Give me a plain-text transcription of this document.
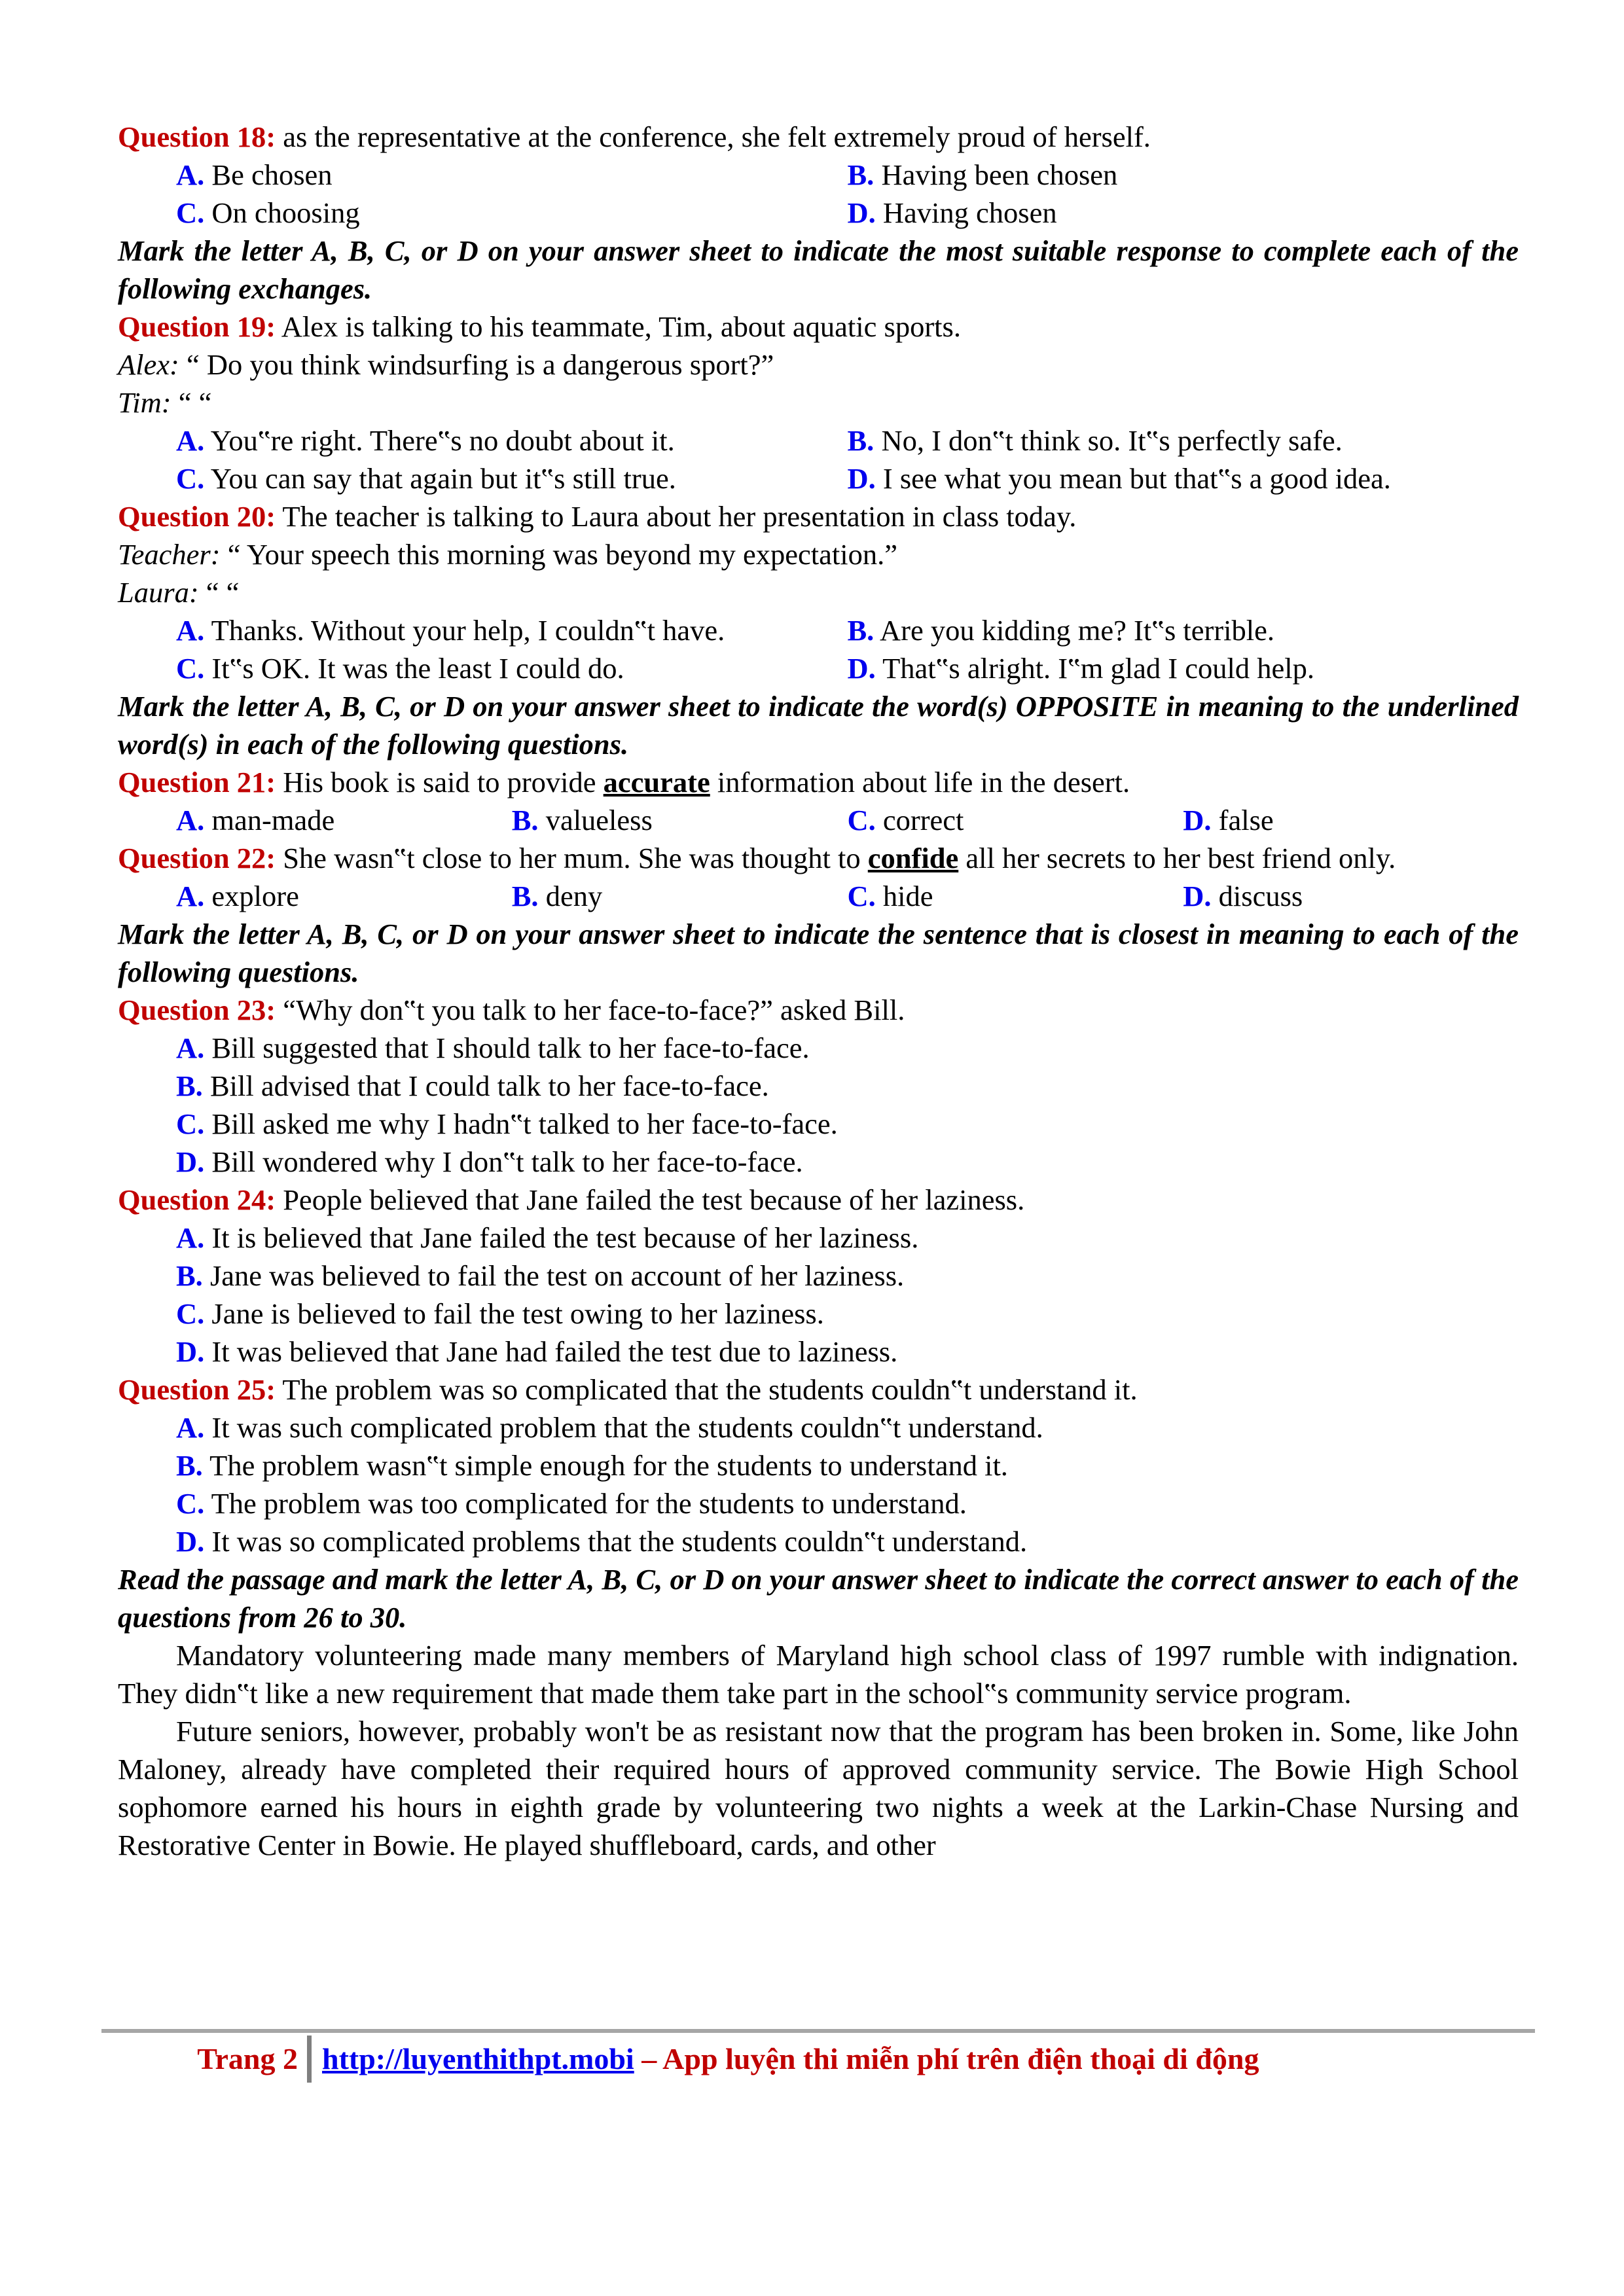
Question 18: as the representative at the conference, she felt extremely proud of herself.
A. Be chosen	B. Having been chosen
C. On choosing	D. Having chosen
Mark the letter A, B, C, or D on your answer sheet to indicate the most suitable response to complete each of the following exchanges.
Question 19: Alex is talking to his teammate, Tim, about aquatic sports.
Alex: “ Do you think windsurfing is a dangerous sport?”
Tim: “ “
A. You‟re right. There‟s no doubt about it.	B. No, I don‟t think so. It‟s perfectly safe.
C. You can say that again but it‟s still true.	D. I see what you mean but that‟s a good idea.
Question 20: The teacher is talking to Laura about her presentation in class today.
Teacher: “ Your speech this morning was beyond my expectation.”
Laura: “ “
A. Thanks. Without your help, I couldn‟t have.	B. Are you kidding me? It‟s terrible.
C. It‟s OK. It was the least I could do.	D. That‟s alright. I‟m glad I could help.
Mark the letter A, B, C, or D on your answer sheet to indicate the word(s) OPPOSITE in meaning to the underlined word(s) in each of the following questions.
Question 21: His book is said to provide accurate information about life in the desert.
A. man-made	B. valueless	C. correct	D. false
Question 22: She wasn‟t close to her mum. She was thought to confide all her secrets to her best friend only.
A. explore	B. deny	C. hide	D. discuss
Mark the letter A, B, C, or D on your answer sheet to indicate the sentence that is closest in meaning to each of the following questions.
Question 23: “Why don‟t you talk to her face-to-face?” asked Bill.
A. Bill suggested that I should talk to her face-to-face.
B. Bill advised that I could talk to her face-to-face.
C. Bill asked me why I hadn‟t talked to her face-to-face.
D. Bill wondered why I don‟t talk to her face-to-face.
Question 24: People believed that Jane failed the test because of her laziness.
A. It is believed that Jane failed the test because of her laziness.
B. Jane was believed to fail the test on account of her laziness.
C. Jane is believed to fail the test owing to her laziness.
D. It was believed that Jane had failed the test due to laziness.
Question 25: The problem was so complicated that the students couldn‟t understand it.
A. It was such complicated problem that the students couldn‟t understand.
B. The problem wasn‟t simple enough for the students to understand it.
C. The problem was too complicated for the students to understand.
D. It was so complicated problems that the students couldn‟t understand.
Read the passage and mark the letter A, B, C, or D on your answer sheet to indicate the correct answer to each of the questions from 26 to 30.
Mandatory volunteering made many members of Maryland high school class of 1997 rumble with indignation. They didn‟t like a new requirement that made them take part in the school‟s community service program.
Future seniors, however, probably won't be as resistant now that the program has been broken in. Some, like John Maloney, already have completed their required hours of approved community service. The Bowie High School sophomore earned his hours in eighth grade by volunteering two nights a week at the Larkin-Chase Nursing and Restorative Center in Bowie. He played shuffleboard, cards, and other
Trang 2 http://luyenthithpt.mobi – App luyện thi miễn phí trên điện thoại di động
